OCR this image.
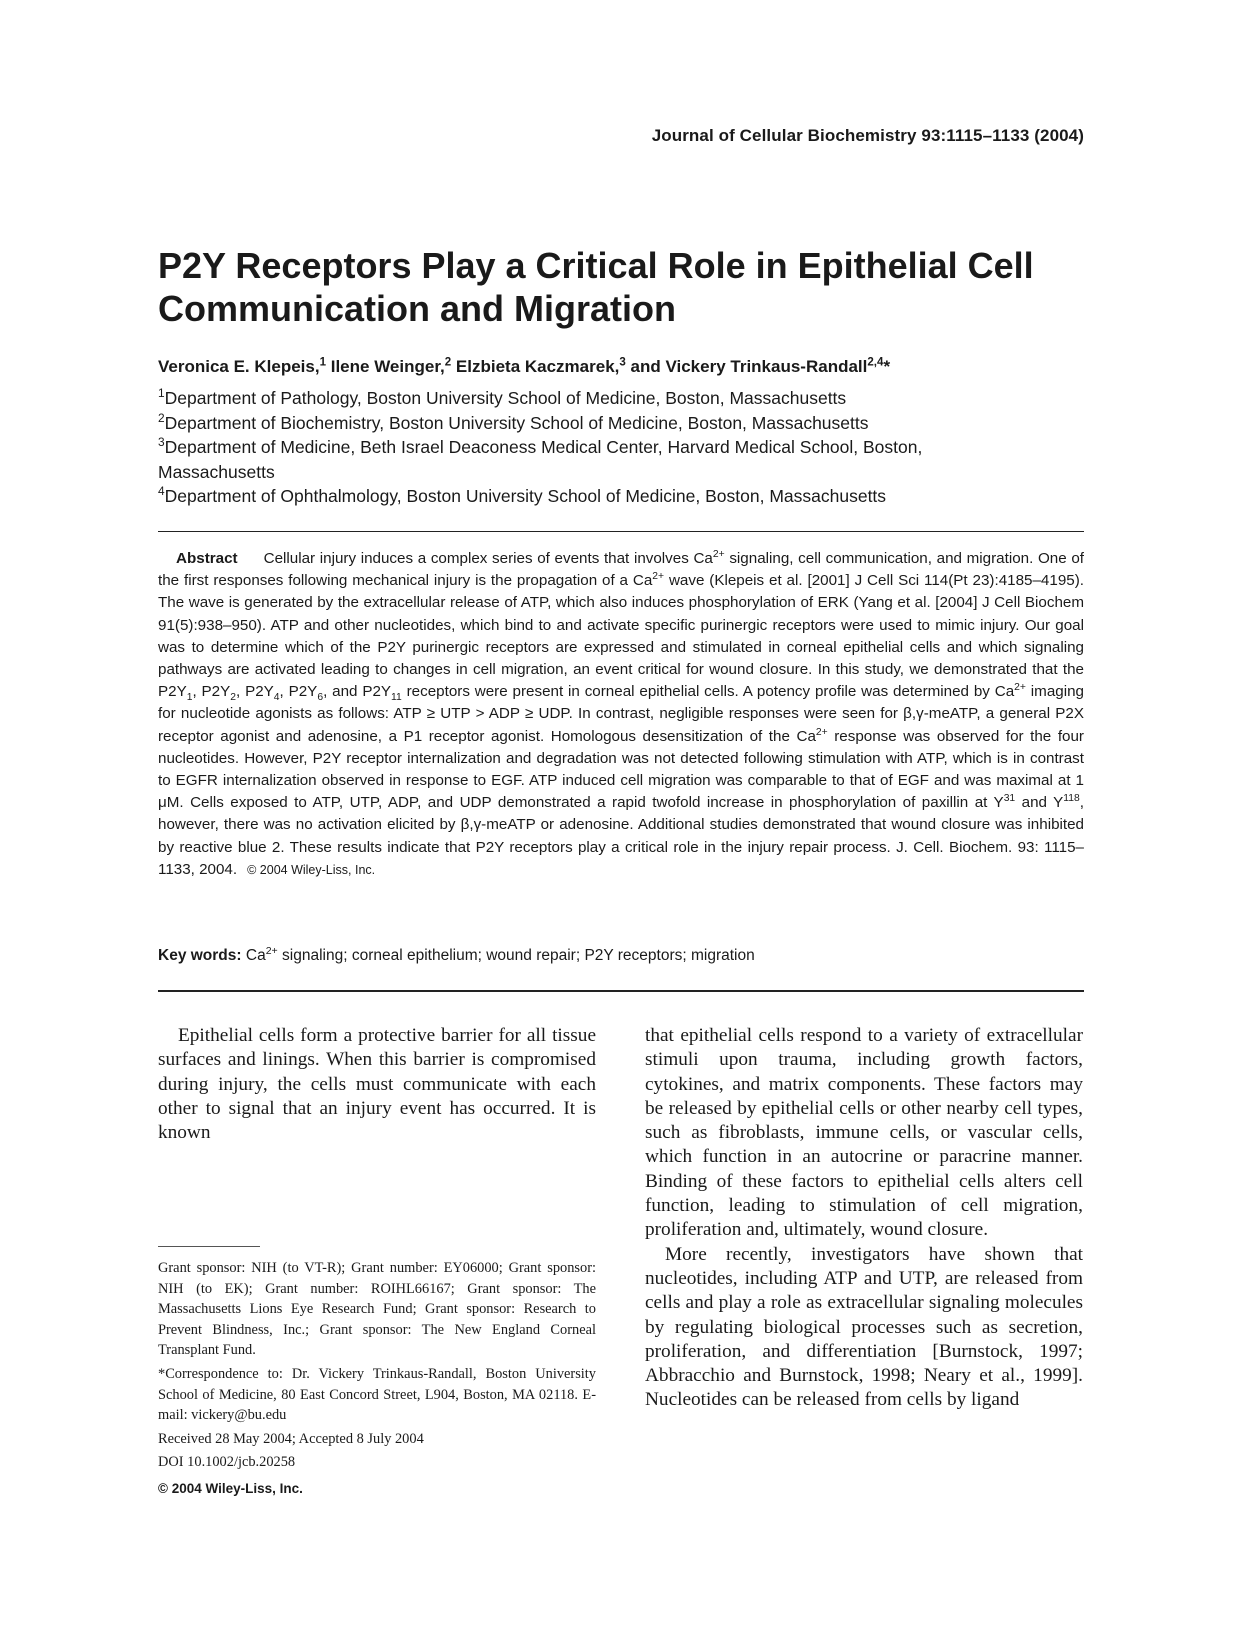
Journal of Cellular Biochemistry 93:1115–1133 (2004)
P2Y Receptors Play a Critical Role in Epithelial Cell
Communication and Migration
Veronica E. Klepeis,$^1$ Ilene Weinger,$^2$ Elzbieta Kaczmarek,$^3$ and Vickery Trinkaus-Randall$^{2,4}$*
$^1$Department of Pathology, Boston University School of Medicine, Boston, Massachusetts
$^2$Department of Biochemistry, Boston University School of Medicine, Boston, Massachusetts
$^3$Department of Medicine, Beth Israel Deaconess Medical Center, Harvard Medical School, Boston, Massachusetts
$^4$Department of Ophthalmology, Boston University School of Medicine, Boston, Massachusetts
Abstract Cellular injury induces a complex series of events that involves $Ca^{2+}$ signaling, cell communication, and migration. One of the first responses following mechanical injury is the propagation of a $Ca^{2+}$ wave (Klepeis et al. [2001] J Cell Sci 114(Pt 23):4185–4195). The wave is generated by the extracellular release of ATP, which also induces phosphorylation of ERK (Yang et al. [2004] J Cell Biochem 91(5):938–950). ATP and other nucleotides, which bind to and activate specific purinergic receptors were used to mimic injury. Our goal was to determine which of the P2Y purinergic receptors are expressed and stimulated in corneal epithelial cells and which signaling pathways are activated leading to changes in cell migration, an event critical for wound closure. In this study, we demonstrated that the $P2Y_1$, $P2Y_2$, $P2Y_4$, $P2Y_6$, and $P2Y_{11}$ receptors were present in corneal epithelial cells. A potency profile was determined by $Ca^{2+}$ imaging for nucleotide agonists as follows: ATP ≥ UTP > ADP ≥ UDP. In contrast, negligible responses were seen for β,γ-meATP, a general P2X receptor agonist and adenosine, a P1 receptor agonist. Homologous desensitization of the $Ca^{2+}$ response was observed for the four nucleotides. However, P2Y receptor internalization and degradation was not detected following stimulation with ATP, which is in contrast to EGFR internalization observed in response to EGF. ATP induced cell migration was comparable to that of EGF and was maximal at 1 μM. Cells exposed to ATP, UTP, ADP, and UDP demonstrated a rapid twofold increase in phosphorylation of paxillin at $Y^{31}$ and $Y^{118}$, however, there was no activation elicited by β,γ-meATP or adenosine. Additional studies demonstrated that wound closure was inhibited by reactive blue 2. These results indicate that P2Y receptors play a critical role in the injury repair process. J. Cell. Biochem. 93: 1115–1133, 2004. © 2004 Wiley-Liss, Inc.
Key words: $Ca^{2+}$ signaling; corneal epithelium; wound repair; P2Y receptors; migration

Epithelial cells form a protective barrier for all tissue surfaces and linings. When this barrier is compromised during injury, the cells must communicate with each other to signal that an injury event has occurred. It is known

that epithelial cells respond to a variety of extracellular stimuli upon trauma, including growth factors, cytokines, and matrix components. These factors may be released by epithelial cells or other nearby cell types, such as fibroblasts, immune cells, or vascular cells, which function in an autocrine or paracrine manner. Binding of these factors to epithelial cells alters cell function, leading to stimulation of cell migration, proliferation and, ultimately, wound closure.

More recently, investigators have shown that nucleotides, including ATP and UTP, are released from cells and play a role as extracellular signaling molecules by regulating biological processes such as secretion, proliferation, and differentiation [Burnstock, 1997; Abbracchio and Burnstock, 1998; Neary et al., 1999]. Nucleotides can be released from cells by ligand

Grant sponsor: NIH (to VT-R); Grant number: EY06000; Grant sponsor: NIH (to EK); Grant number: ROIHL66167; Grant sponsor: The Massachusetts Lions Eye Research Fund; Grant sponsor: Research to Prevent Blindness, Inc.; Grant sponsor: The New England Corneal Transplant Fund.

*Correspondence to: Dr. Vickery Trinkaus-Randall, Boston University School of Medicine, 80 East Concord Street, L904, Boston, MA 02118. E-mail: vickery@bu.edu

Received 28 May 2004; Accepted 8 July 2004

DOI 10.1002/jcb.20258

© 2004 Wiley-Liss, Inc.
